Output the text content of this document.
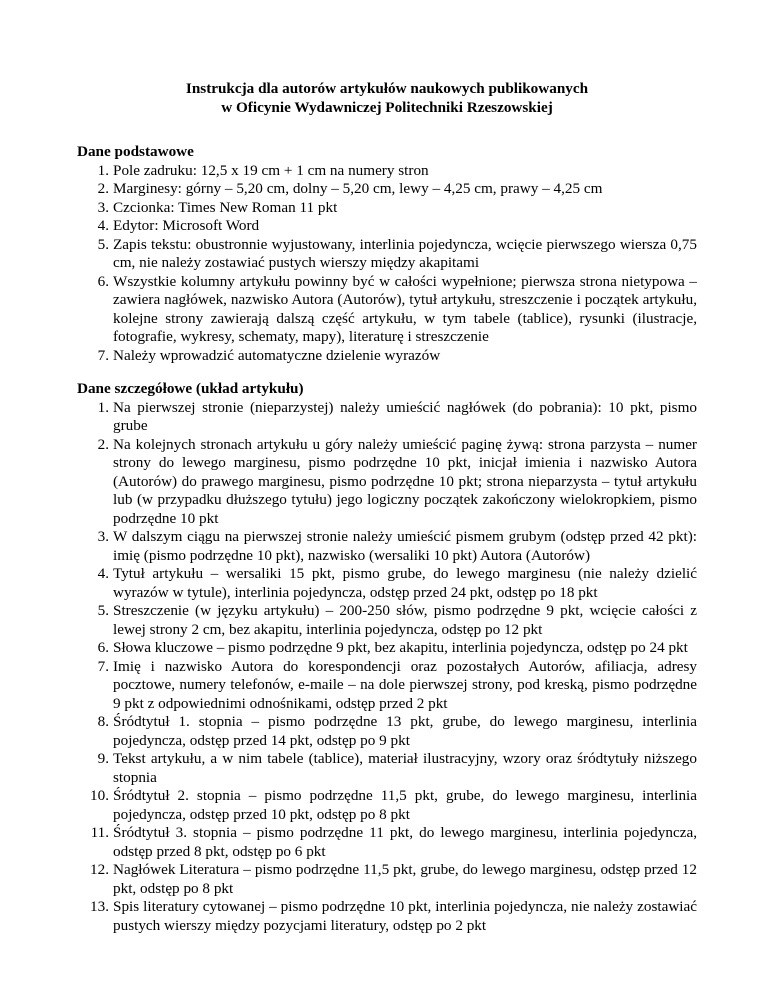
Instrukcja dla autorów artykułów naukowych publikowanych
w Oficynie Wydawniczej Politechniki Rzeszowskiej
Dane podstawowe
1. Pole zadruku: 12,5 x 19 cm + 1 cm na numery stron
2. Marginesy: górny – 5,20 cm, dolny – 5,20 cm, lewy – 4,25 cm, prawy – 4,25 cm
3. Czcionka: Times New Roman 11 pkt
4. Edytor: Microsoft Word
5. Zapis tekstu: obustronnie wyjustowany, interlinia pojedyncza, wcięcie pierwszego wiersza 0,75 cm, nie należy zostawiać pustych wierszy między akapitami
6. Wszystkie kolumny artykułu powinny być w całości wypełnione; pierwsza strona nietypowa – zawiera nagłówek, nazwisko Autora (Autorów), tytuł artykułu, streszczenie i początek artykułu, kolejne strony zawierają dalszą część artykułu, w tym tabele (tablice), rysunki (ilustracje, fotografie, wykresy, schematy, mapy), literaturę i streszczenie
7. Należy wprowadzić automatyczne dzielenie wyrazów
Dane szczegółowe (układ artykułu)
1. Na pierwszej stronie (nieparzystej) należy umieścić nagłówek (do pobrania): 10 pkt, pismo grube
2. Na kolejnych stronach artykułu u góry należy umieścić paginę żywą: strona parzysta – numer strony do lewego marginesu, pismo podrzędne 10 pkt, inicjał imienia i nazwisko Autora (Autorów) do prawego marginesu, pismo podrzędne 10 pkt; strona nieparzysta – tytuł artykułu lub (w przypadku dłuższego tytułu) jego logiczny początek zakończony wielokropkiem, pismo podrzędne 10 pkt
3. W dalszym ciągu na pierwszej stronie należy umieścić pismem grubym (odstęp przed 42 pkt): imię (pismo podrzędne 10 pkt), nazwisko (wersaliki 10 pkt) Autora (Autorów)
4. Tytuł artykułu – wersaliki 15 pkt, pismo grube, do lewego marginesu (nie należy dzielić wyrazów w tytule), interlinia pojedyncza, odstęp przed 24 pkt, odstęp po 18 pkt
5. Streszczenie (w języku artykułu) – 200-250 słów, pismo podrzędne 9 pkt, wcięcie całości z lewej strony 2 cm, bez akapitu, interlinia pojedyncza, odstęp po 12 pkt
6. Słowa kluczowe – pismo podrzędne 9 pkt, bez akapitu, interlinia pojedyncza, odstęp po 24 pkt
7. Imię i nazwisko Autora do korespondencji oraz pozostałych Autorów, afiliacja, adresy pocztowe, numery telefonów, e-maile – na dole pierwszej strony, pod kreską, pismo podrzędne 9 pkt z odpowiednimi odnośnikami, odstęp przed 2 pkt
8. Śródtytuł 1. stopnia – pismo podrzędne 13 pkt, grube, do lewego marginesu, interlinia pojedyncza, odstęp przed 14 pkt, odstęp po 9 pkt
9. Tekst artykułu, a w nim tabele (tablice), materiał ilustracyjny, wzory oraz śródtytuły niższego stopnia
10. Śródtytuł 2. stopnia – pismo podrzędne 11,5 pkt, grube, do lewego marginesu, interlinia pojedyncza, odstęp przed 10 pkt, odstęp po 8 pkt
11. Śródtytuł 3. stopnia – pismo podrzędne 11 pkt, do lewego marginesu, interlinia pojedyncza, odstęp przed 8 pkt, odstęp po 6 pkt
12. Nagłówek Literatura – pismo podrzędne 11,5 pkt, grube, do lewego marginesu, odstęp przed 12 pkt, odstęp po 8 pkt
13. Spis literatury cytowanej – pismo podrzędne 10 pkt, interlinia pojedyncza, nie należy zostawiać pustych wierszy między pozycjami literatury, odstęp po 2 pkt
